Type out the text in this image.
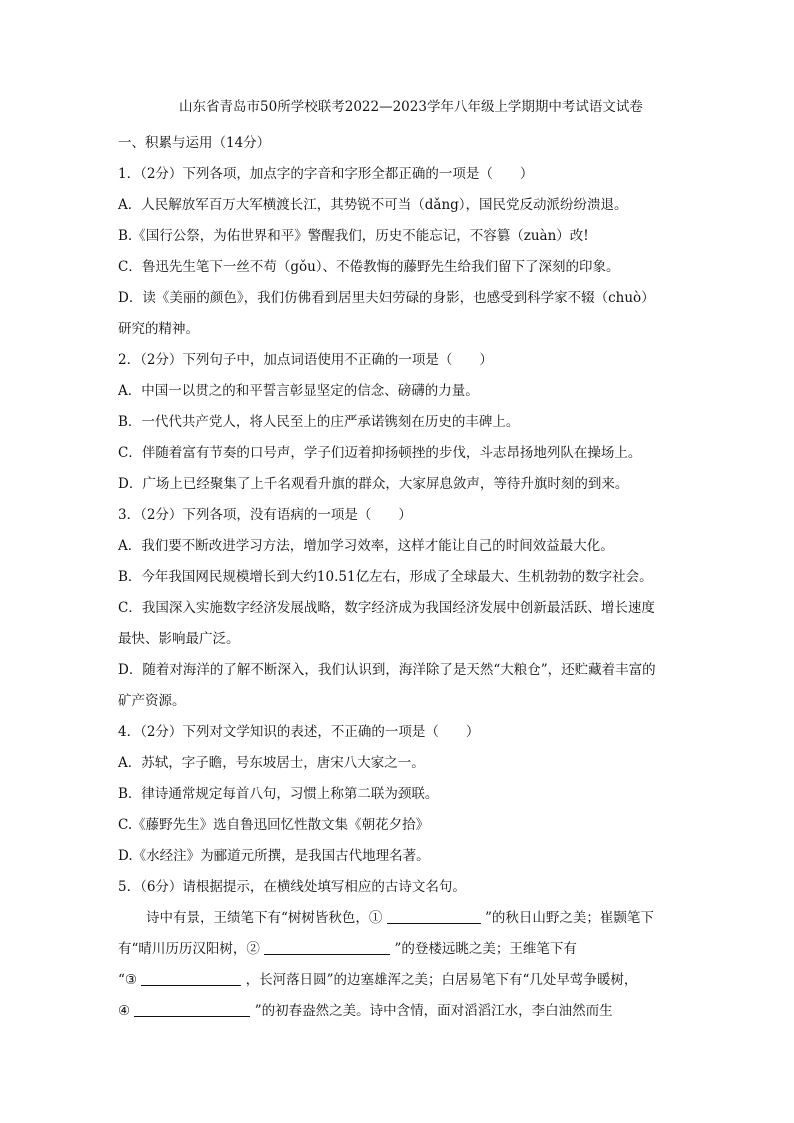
山东省青岛市50所学校联考2022—2023学年八年级上学期期中考试语文试卷
一、积累与运用（14分）
1．（2分）下列各项，加点字的字音和字形全都正确的一项是（　　）
A．人民解放军百万大军横渡长江，其势锐不可当（dǎng），国民党反动派纷纷溃退。
B.《国行公祭，为佑世界和平》警醒我们，历史不能忘记，不容篡（zuàn）改!
C．鲁迅先生笔下一丝不苟（gǒu）、不倦教悔的藤野先生给我们留下了深刻的印象。
D．读《美丽的颜色》，我们仿佛看到居里夫妇劳碌的身影，也感受到科学家不辍（chuò）
研究的精神。
2．（2分）下列句子中，加点词语使用不正确的一项是（　　）
A．中国一以贯之的和平誓言彰显坚定的信念、磅礴的力量。
B．一代代共产党人，将人民至上的庄严承诺镌刻在历史的丰碑上。
C．伴随着富有节奏的口号声，学子们迈着抑扬顿挫的步伐，斗志昂扬地列队在操场上。
D．广场上已经聚集了上千名观看升旗的群众，大家屏息敛声，等待升旗时刻的到来。
3．（2分）下列各项，没有语病的一项是（　　）
A．我们要不断改进学习方法，增加学习效率，这样才能让自己的时间效益最大化。
B．今年我国网民规模增长到大约10.51亿左右，形成了全球最大、生机勃勃的数字社会。
C．我国深入实施数字经济发展战略，数字经济成为我国经济发展中创新最活跃、增长速度
最快、影响最广泛。
D．随着对海洋的了解不断深入，我们认识到，海洋除了是天然“大粮仓”，还贮藏着丰富的
矿产资源。
4．（2分）下列对文学知识的表述，不正确的一项是（　　）
A．苏轼，字子瞻，号东坡居士，唐宋八大家之一。
B．律诗通常规定每首八句，习惯上称第二联为颈联。
C.《藤野先生》选自鲁迅回忆性散文集《朝花夕拾》
D.《水经注》为郦道元所撰，是我国古代地理名著。
5．（6分）请根据提示，在横线处填写相应的古诗文名句。
诗中有景，王绩笔下有“树树皆秋色，①	”的秋日山野之美；崔颢笔下
有“晴川历历汉阳树，②	”的登楼远眺之美；王维笔下有
“③	，长河落日圆”的边塞雄浑之美；白居易笔下有“几处早莺争暖树，
④	”的初春盎然之美。诗中含情，面对滔滔江水，李白油然而生
